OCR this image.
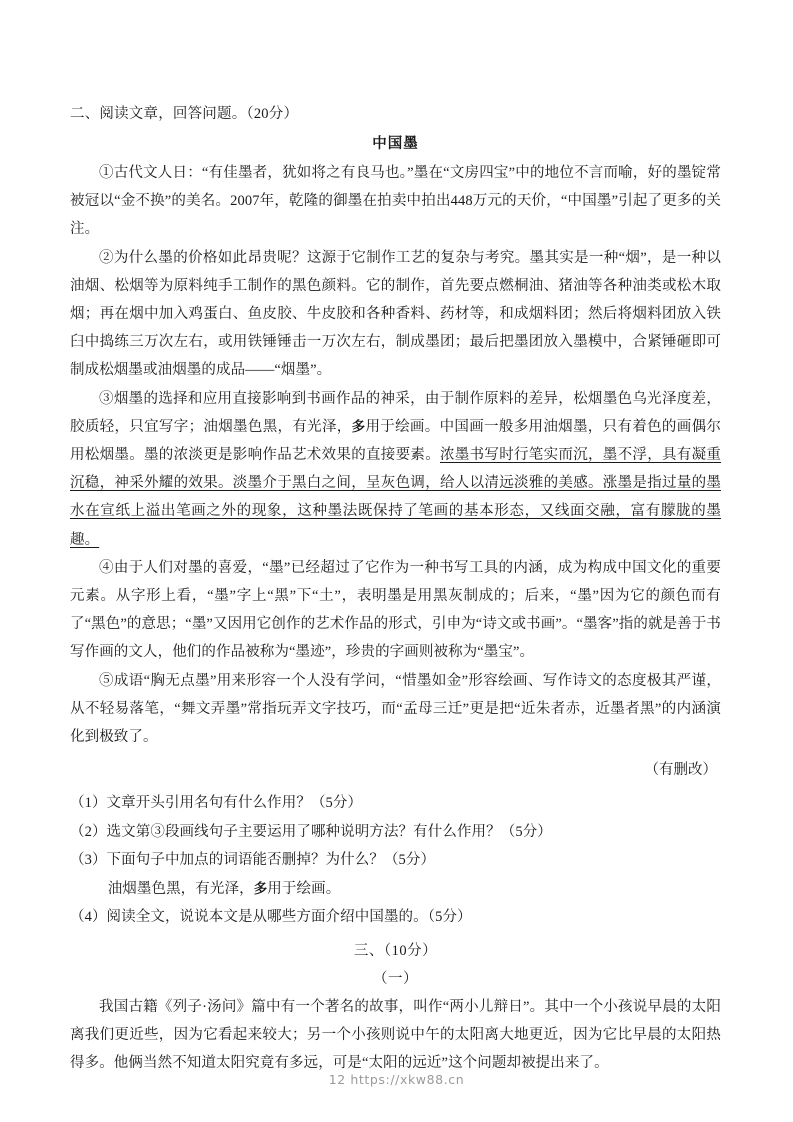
二、阅读文章，回答问题。（20分）
中国墨
①古代文人日：“有佳墨者，犹如将之有良马也。”墨在“文房四宝”中的地位不言而喻，好的墨锭常被冠以“金不换”的美名。2007年，乾隆的御墨在拍卖中拍出448万元的天价，“中国墨”引起了更多的关注。
②为什么墨的价格如此昂贵呢？这源于它制作工艺的复杂与考究。墨其实是一种“烟”，是一种以油烟、松烟等为原料纯手工制作的黑色颜料。它的制作，首先要点燃桐油、猪油等各种油类或松木取烟；再在烟中加入鸡蛋白、鱼皮胶、牛皮胶和各种香料、药材等，和成烟料团；然后将烟料团放入铁臼中捣练三万次左右，或用铁锤锤击一万次左右，制成墨团；最后把墨团放入墨模中，合紧锤砸即可制成松烟墨或油烟墨的成品——“烟墨”。
③烟墨的选择和应用直接影响到书画作品的神采，由于制作原料的差异，松烟墨色乌光泽度差，胶质轻，只宜写字；油烟墨色黑，有光泽，多用于绘画。中国画一般多用油烟墨，只有着色的画偶尔用松烟墨。墨的浓淡更是影响作品艺术效果的直接要素。浓墨书写时行笔实而沉，墨不浮，具有凝重沉稳，神采外耀的效果。淡墨介于黑白之间，呈灰色调，给人以清远淡雅的美感。涨墨是指过量的墨水在宣纸上溢出笔画之外的现象，这种墨法既保持了笔画的基本形态，又线面交融，富有朦胧的墨趣。
④由于人们对墨的喜爱，“墨”已经超过了它作为一种书写工具的内涵，成为构成中国文化的重要元素。从字形上看，“墨”字上“黑”下“土”，表明墨是用黑灰制成的；后来，“墨”因为它的颜色而有了“黑色”的意思；“墨”又因用它创作的艺术作品的形式，引申为“诗文或书画”。“墨客”指的就是善于书写作画的文人，他们的作品被称为“墨迹”，珍贵的字画则被称为“墨宝”。
⑤成语“胸无点墨”用来形容一个人没有学问，“惜墨如金”形容绘画、写作诗文的态度极其严谨，从不轻易落笔，“舞文弄墨”常指玩弄文字技巧，而“孟母三迁”更是把“近朱者赤，近墨者黑”的内涵演化到极致了。
（有删改）
（1）文章开头引用名句有什么作用？（5分）
（2）选文第③段画线句子主要运用了哪种说明方法？有什么作用？（5分）
（3）下面句子中加点的词语能否删掉？为什么？（5分）
油烟墨色黑，有光泽，多用于绘画。
（4）阅读全文，说说本文是从哪些方面介绍中国墨的。（5分）
三、（10分）
（一）
我国古籍《列子·汤问》篇中有一个著名的故事，叫作“两小儿辩日”。其中一个小孩说早晨的太阳离我们更近些，因为它看起来较大；另一个小孩则说中午的太阳离大地更近，因为它比早晨的太阳热得多。他俩当然不知道太阳究竟有多远，可是“太阳的远近”这个问题却被提出来了。
12 https://xkw88.cn
